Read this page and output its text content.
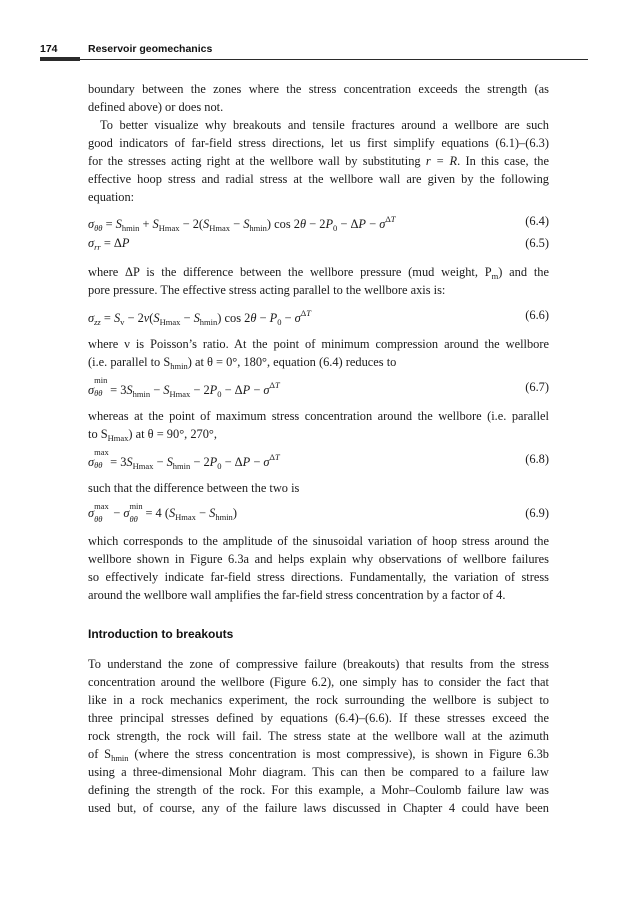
174	Reservoir geomechanics
boundary between the zones where the stress concentration exceeds the strength (as
defined above) or does not.
To better visualize why breakouts and tensile fractures around a wellbore are such
good indicators of far-field stress directions, let us first simplify equations (6.1)–(6.3)
for the stresses acting right at the wellbore wall by substituting r = R. In this case, the
effective hoop stress and radial stress at the wellbore wall are given by the following
equation:
$\sigma_{\theta\theta} = S_{hmin} + S_{Hmax} - 2(S_{Hmax} - S_{hmin})$ $\cos 2\theta - 2P_0 - \Delta P - \sigma^{\Delta T}$	(6.4)
$\sigma_{rr} = \Delta P$	(6.5)
where ΔP is the difference between the wellbore pressure (mud weight, $P_m$) and the
pore pressure. The effective stress acting parallel to the wellbore axis is:
$\sigma_{zz} = S_v - 2\nu(S_{Hmax} - S_{hmin})$ $\cos 2\theta - P_0 - \sigma^{\Delta T}$	(6.6)
where ν is Poisson’s ratio. At the point of minimum compression around the wellbore
(i.e. parallel to $S_{hmin}$) at θ = 0°, 180°, equation (6.4) reduces to
σ
min
$\theta\theta = 3S_{hmin} - S_{Hmax} - 2P_0 - \Delta P - \sigma^{\Delta T}$	(6.7)
whereas at the point of maximum stress concentration around the wellbore (i.e. parallel
to $S_{Hmax}$) at θ = 90°, 270°,
σ
max
$\theta\theta = 3S_{Hmax} - S_{hmin} - 2P_0 - \Delta P - \sigma^{\Delta T}$	(6.8)
such that the difference between the two is
σ max
θθ − σ min
θθ = 4 $(S_{Hmax} - S_{hmin})$	(6.9)
which corresponds to the amplitude of the sinusoidal variation of hoop stress around the
wellbore shown in Figure 6.3a and helps explain why observations of wellbore failures
so effectively indicate far-field stress directions. Fundamentally, the variation of stress
around the wellbore wall amplifies the far-field stress concentration by a factor of 4.
Introduction to breakouts
To understand the zone of compressive failure (breakouts) that results from the stress
concentration around the wellbore (Figure 6.2), one simply has to consider the fact that
like in a rock mechanics experiment, the rock surrounding the wellbore is subject to
three principal stresses defined by equations (6.4)–(6.6). If these stresses exceed the
rock strength, the rock will fail. The stress state at the wellbore wall at the azimuth
of $S_{hmin}$ (where the stress concentration is most compressive), is shown in Figure 6.3b
using a three-dimensional Mohr diagram. This can then be compared to a failure law
defining the strength of the rock. For this example, a Mohr–Coulomb failure law was
used but, of course, any of the failure laws discussed in Chapter 4 could have been
